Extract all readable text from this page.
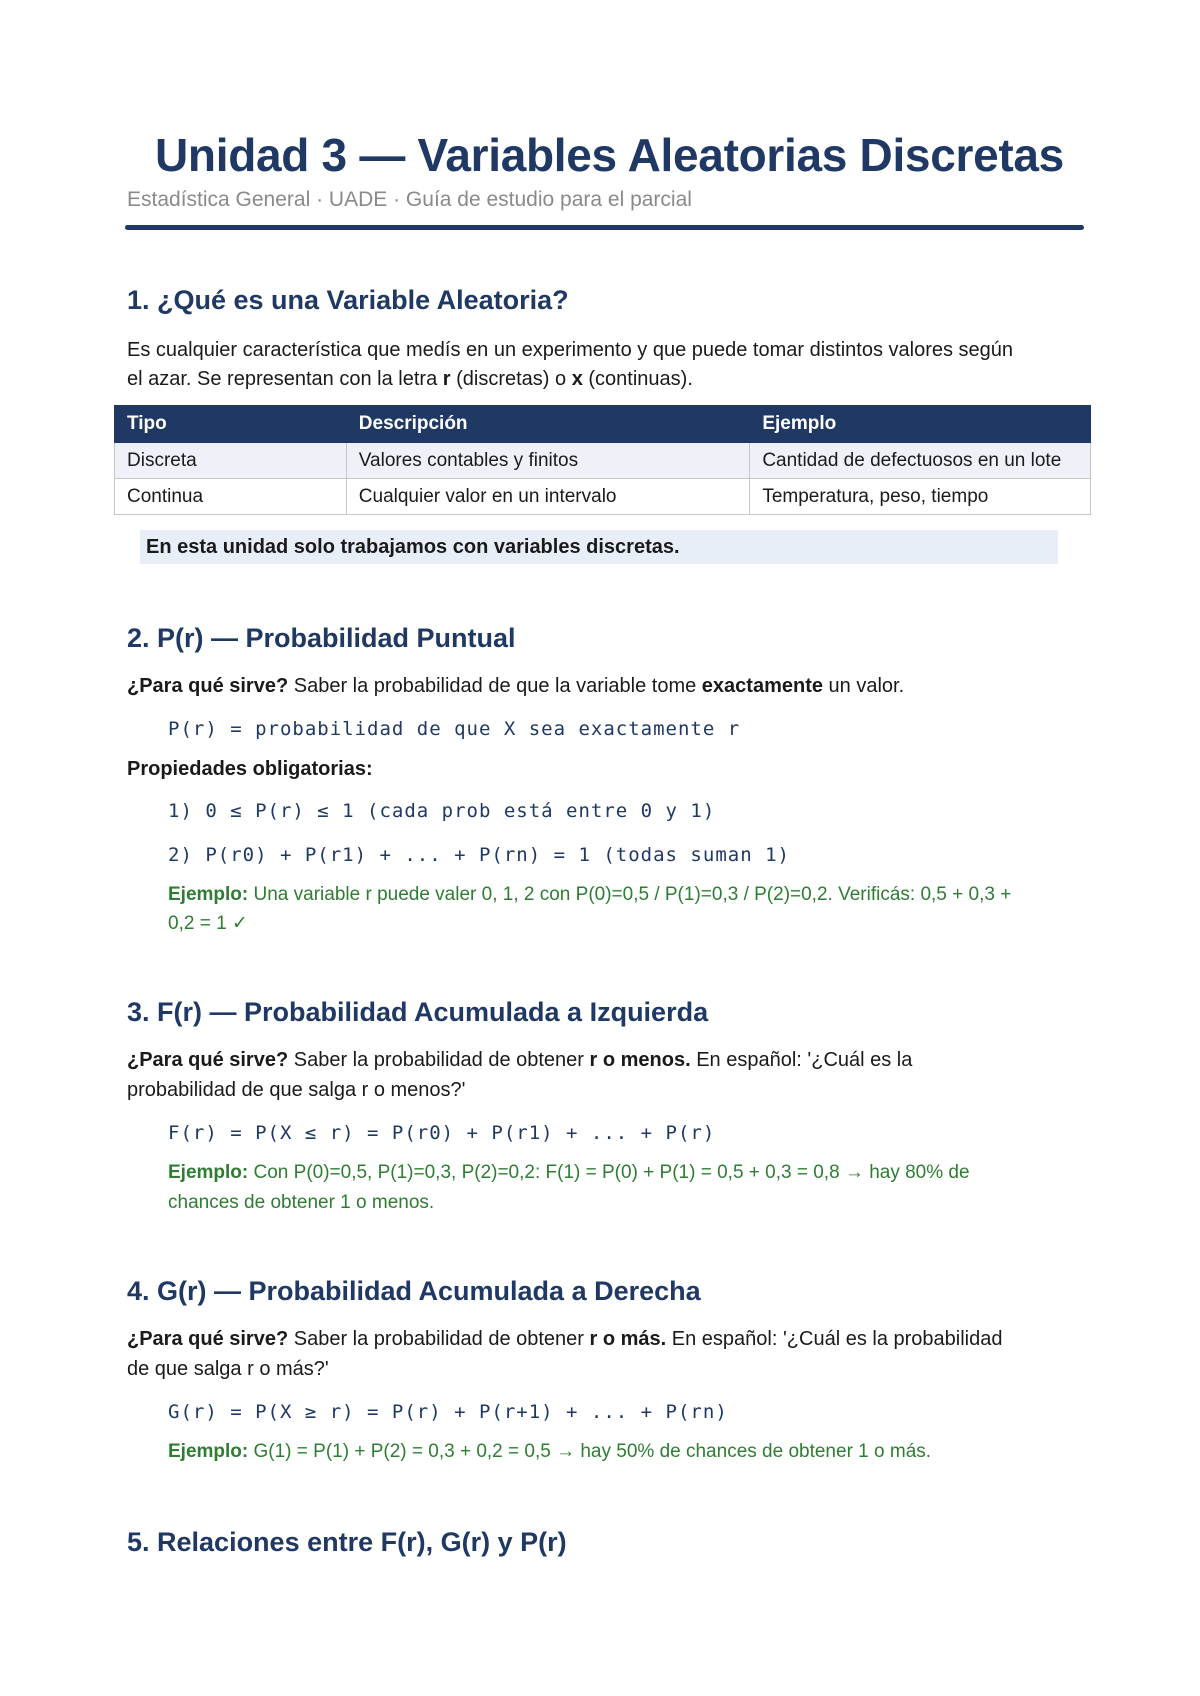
Unidad 3 — Variables Aleatorias Discretas
Estadística General · UADE · Guía de estudio para el parcial
1. ¿Qué es una Variable Aleatoria?
Es cualquier característica que medís en un experimento y que puede tomar distintos valores según
el azar. Se representan con la letra r (discretas) o x (continuas).
Tipo	Descripción	Ejemplo
Discreta	Valores contables y finitos	Cantidad de defectuosos en un lote
Continua	Cualquier valor en un intervalo	Temperatura, peso, tiempo
En esta unidad solo trabajamos con variables discretas.
2. P(r) — Probabilidad Puntual
¿Para qué sirve? Saber la probabilidad de que la variable tome exactamente un valor.
P(r) = probabilidad de que X sea exactamente r
Propiedades obligatorias:
1) 0 ≤ P(r) ≤ 1 (cada prob está entre 0 y 1)
2) P(r0) + P(r1) + ... + P(rn) = 1 (todas suman 1)
Ejemplo: Una variable r puede valer 0, 1, 2 con P(0)=0,5 / P(1)=0,3 / P(2)=0,2. Verificás: 0,5 + 0,3 +
0,2 = 1 ✓
3. F(r) — Probabilidad Acumulada a Izquierda
¿Para qué sirve? Saber la probabilidad de obtener r o menos. En español: '¿Cuál es la
probabilidad de que salga r o menos?'
F(r) = P(X ≤ r) = P(r0) + P(r1) + ... + P(r)
Ejemplo: Con P(0)=0,5, P(1)=0,3, P(2)=0,2: F(1) = P(0) + P(1) = 0,5 + 0,3 = 0,8 → hay 80% de
chances de obtener 1 o menos.
4. G(r) — Probabilidad Acumulada a Derecha
¿Para qué sirve? Saber la probabilidad de obtener r o más. En español: '¿Cuál es la probabilidad
de que salga r o más?'
G(r) = P(X ≥ r) = P(r) + P(r+1) + ... + P(rn)
Ejemplo: G(1) = P(1) + P(2) = 0,3 + 0,2 = 0,5 → hay 50% de chances de obtener 1 o más.
5. Relaciones entre F(r), G(r) y P(r)
